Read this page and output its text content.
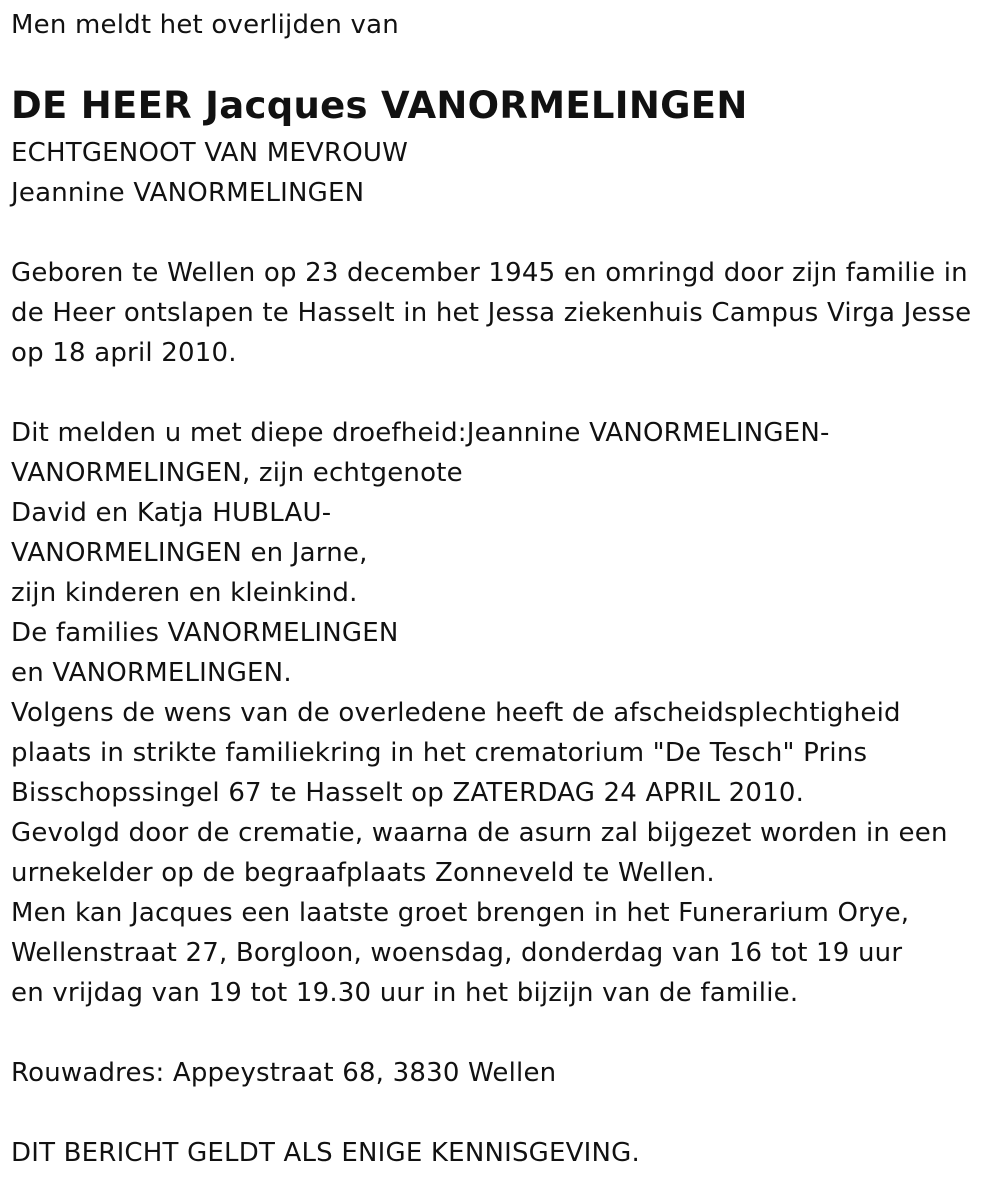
Men meldt het overlijden van
DE HEER Jacques VANORMELINGEN
ECHTGENOOT VAN MEVROUW
Jeannine VANORMELINGEN
Geboren te Wellen op 23 december 1945 en omringd door zijn familie in
de Heer ontslapen te Hasselt in het Jessa ziekenhuis Campus Virga Jesse
op 18 april 2010.
Dit melden u met diepe droefheid:Jeannine VANORMELINGEN-
VANORMELINGEN, zijn echtgenote
David en Katja HUBLAU-
VANORMELINGEN en Jarne,
zijn kinderen en kleinkind.
De families VANORMELINGEN
en VANORMELINGEN.
Volgens de wens van de overledene heeft de afscheidsplechtigheid
plaats in strikte familiekring in het crematorium "De Tesch" Prins
Bisschopssingel 67 te Hasselt op ZATERDAG 24 APRIL 2010.
Gevolgd door de crematie, waarna de asurn zal bijgezet worden in een
urnekelder op de begraafplaats Zonneveld te Wellen.
Men kan Jacques een laatste groet brengen in het Funerarium Orye,
Wellenstraat 27, Borgloon, woensdag, donderdag van 16 tot 19 uur
en vrijdag van 19 tot 19.30 uur in het bijzijn van de familie.
Rouwadres: Appeystraat 68, 3830 Wellen
DIT BERICHT GELDT ALS ENIGE KENNISGEVING.
